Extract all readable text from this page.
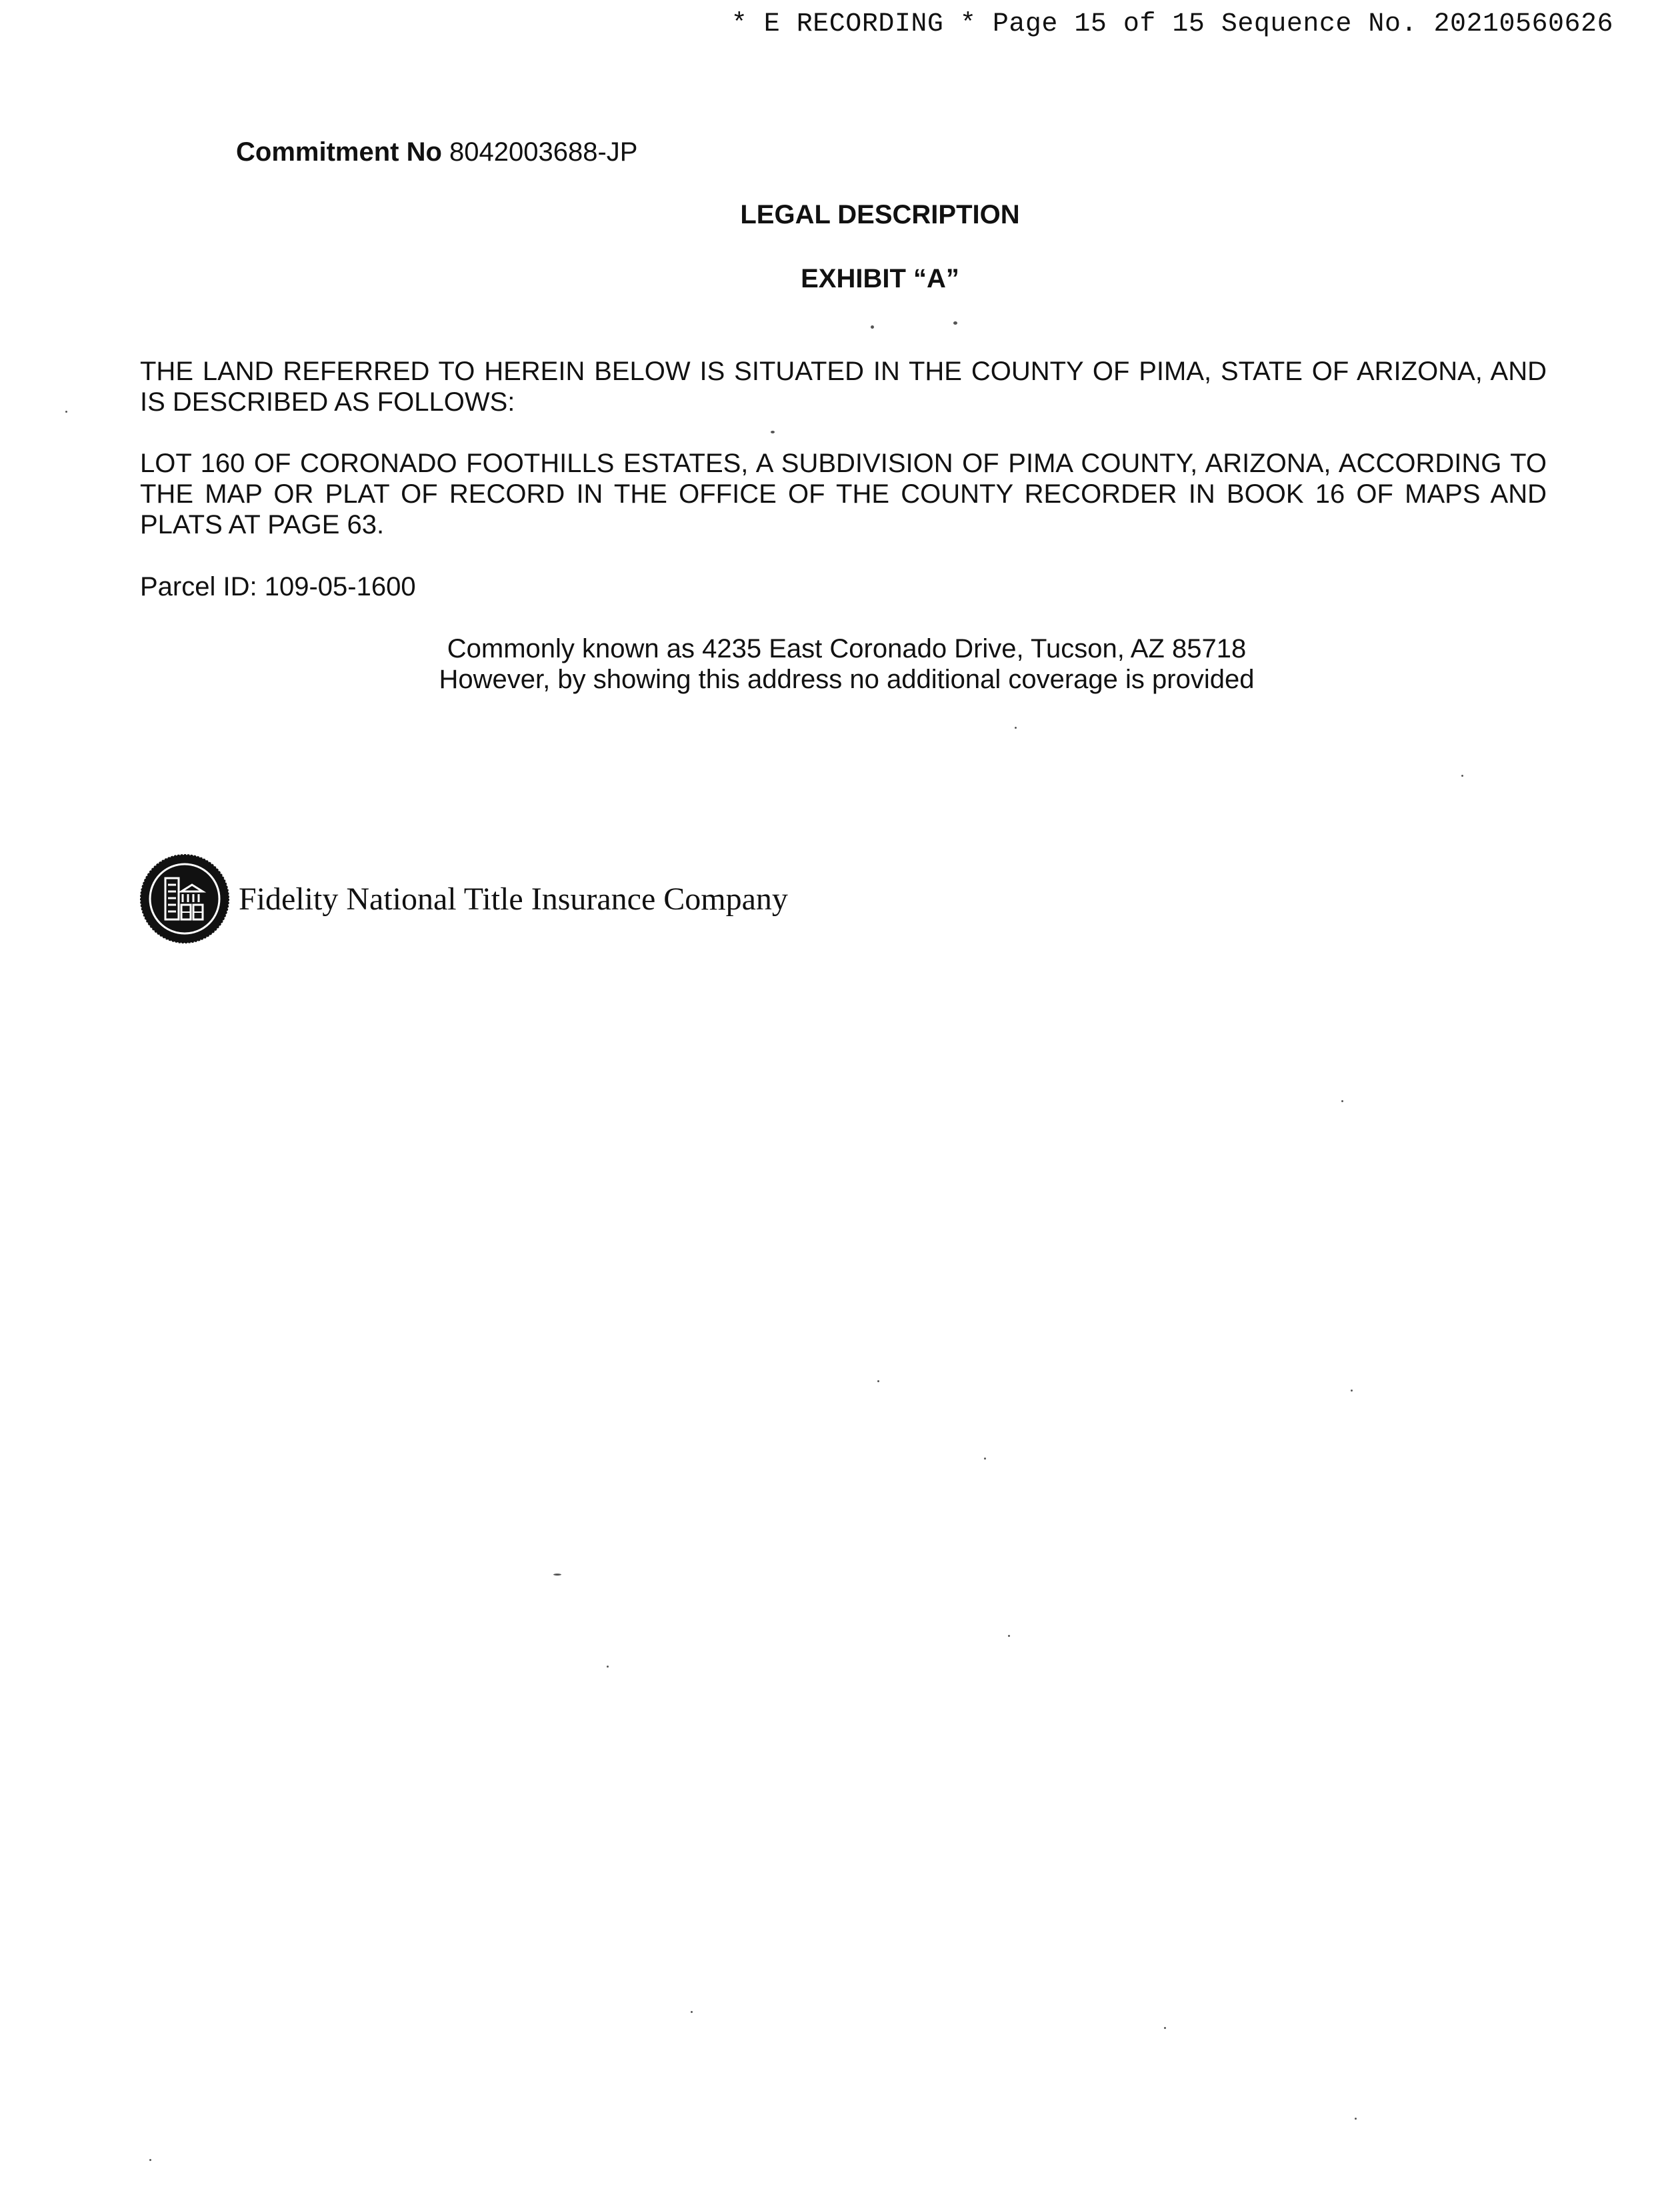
* E RECORDING * Page 15 of 15 Sequence No. 20210560626
Commitment No 8042003688-JP
LEGAL DESCRIPTION
EXHIBIT “A”
THE LAND REFERRED TO HEREIN BELOW IS SITUATED IN THE COUNTY OF PIMA, STATE OF ARIZONA, AND IS DESCRIBED AS FOLLOWS:
LOT 160 OF CORONADO FOOTHILLS ESTATES, A SUBDIVISION OF PIMA COUNTY, ARIZONA, ACCORDING TO THE MAP OR PLAT OF RECORD IN THE OFFICE OF THE COUNTY RECORDER IN BOOK 16 OF MAPS AND PLATS AT PAGE 63.
Parcel ID: 109-05-1600
Commonly known as 4235 East Coronado Drive, Tucson, AZ 85718
However, by showing this address no additional coverage is provided
Fidelity National Title Insurance Company
